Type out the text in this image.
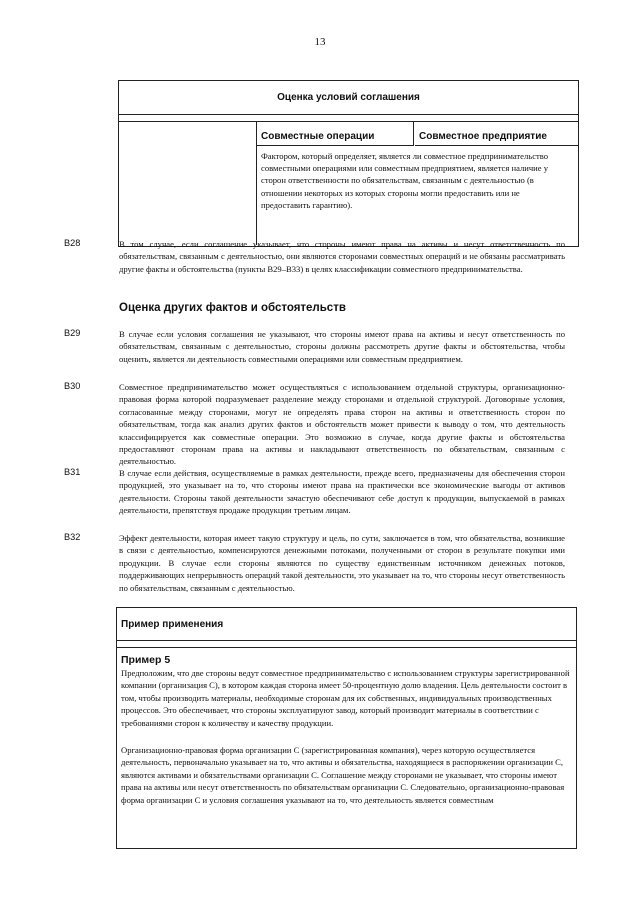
13
Оценка условий соглашения
Совместные операции	Совместное предприятие
Фактором, который определяет, является ли совместное предпринимательство совместными операциями или совместным предприятием, является наличие у сторон ответственности по обязательствам, связанным с деятельностью (в отношении некоторых из которых стороны могли предоставить или не предоставить гарантию).
B28	В том случае, если соглашение указывает, что стороны имеют права на активы и несут ответственность по обязательствам, связанным с деятельностью, они являются сторонами совместных операций и не обязаны рассматривать другие факты и обстоятельства (пункты B29–B33) в целях классификации совместного предпринимательства.
Оценка других фактов и обстоятельств
B29	В случае если условия соглашения не указывают, что стороны имеют права на активы и несут ответственность по обязательствам, связанным с деятельностью, стороны должны рассмотреть другие факты и обстоятельства, чтобы оценить, является ли деятельность совместными операциями или совместным предприятием.
B30	Совместное предпринимательство может осуществляться с использованием отдельной структуры, организационно-правовая форма которой подразумевает разделение между сторонами и отдельной структурой. Договорные условия, согласованные между сторонами, могут не определять права сторон на активы и ответственность сторон по обязательствам, тогда как анализ других фактов и обстоятельств может привести к выводу о том, что деятельность классифицируется как совместные операции. Это возможно в случае, когда другие факты и обстоятельства предоставляют сторонам права на активы и накладывают ответственность по обязательствам, связанным с деятельностью.
B31	В случае если действия, осуществляемые в рамках деятельности, прежде всего, предназначены для обеспечения сторон продукцией, это указывает на то, что стороны имеют права на практически все экономические выгоды от активов деятельности. Стороны такой деятельности зачастую обеспечивают себе доступ к продукции, выпускаемой в рамках деятельности, препятствуя продаже продукции третьим лицам.
B32	Эффект деятельности, которая имеет такую структуру и цель, по сути, заключается в том, что обязательства, возникшие в связи с деятельностью, компенсируются денежными потоками, полученными от сторон в результате покупки ими продукции. В случае если стороны являются по существу единственным источником денежных потоков, поддерживающих непрерывность операций такой деятельности, это указывает на то, что стороны несут ответственность по обязательствам, связанным с деятельностью.
Пример применения
Пример 5
Предположим, что две стороны ведут совместное предпринимательство с использованием структуры зарегистрированной компании (организация C), в котором каждая сторона имеет 50-процентную долю владения. Цель деятельности состоит в том, чтобы производить материалы, необходимые сторонам для их собственных, индивидуальных производственных процессов. Это обеспечивает, что стороны эксплуатируют завод, который производит материалы в соответствии с требованиями сторон к количеству и качеству продукции.
Организационно-правовая форма организации C (зарегистрированная компания), через которую осуществляется деятельность, первоначально указывает на то, что активы и обязательства, находящиеся в распоряжении организации C, являются активами и обязательствами организации C. Соглашение между сторонами не указывает, что стороны имеют права на активы или несут ответственность по обязательствам организации C. Следовательно, организационно-правовая форма организации C и условия соглашения указывают на то, что деятельность является совместным
